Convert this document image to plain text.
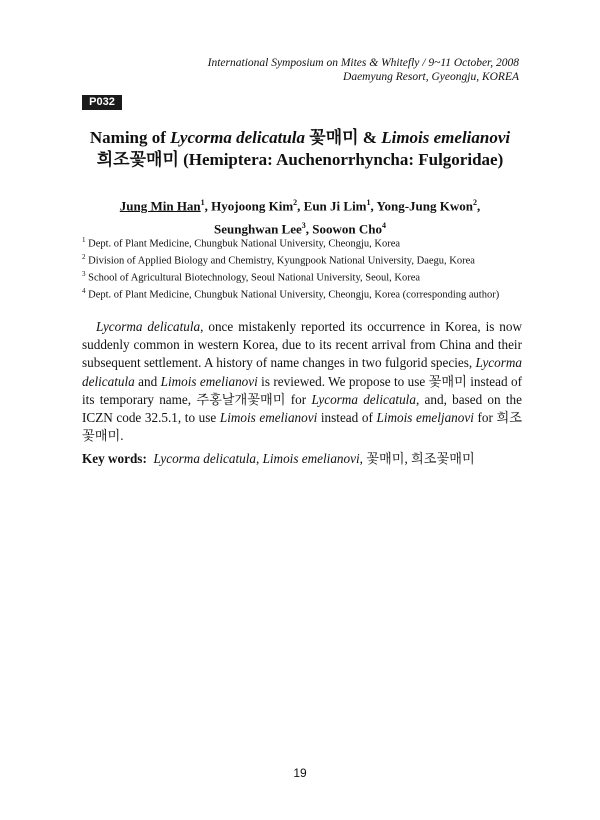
International Symposium on Mites & Whitefly / 9~11 October, 2008
Daemyung Resort, Gyeongju, KOREA
P032
Naming of Lycorma delicatula 꽃매미 & Limois emelianovi
희조꽃매미 (Hemiptera: Auchenorrhyncha: Fulgoridae)
Jung Min Han$^1$, Hyojoong Kim$^2$, Eun Ji Lim$^1$, Yong-Jung Kwon$^2$,
Seunghwan Lee$^3$, Soowon Cho$^4$
$^1$ Dept. of Plant Medicine, Chungbuk National University, Cheongju, Korea
$^2$ Division of Applied Biology and Chemistry, Kyungpook National University, Daegu, Korea
$^3$ School of Agricultural Biotechnology, Seoul National University, Seoul, Korea
$^4$ Dept. of Plant Medicine, Chungbuk National University, Cheongju, Korea (corresponding author)

Lycorma delicatula, once mistakenly reported its occurrence in Korea, is now suddenly common in western Korea, due to its recent arrival from China and their subsequent settlement. A history of name changes in two fulgorid species, Lycorma delicatula and Limois emelianovi is reviewed. We propose to use 꽃매미 instead of its temporary name, 주홍날개꽃매미 for Lycorma delicatula, and, based on the ICZN code 32.5.1, to use Limois emelianovi instead of Limois emeljanovi for 희조꽃매미.

Key words: Lycorma delicatula, Limois emelianovi, 꽃매미, 희조꽃매미
19
